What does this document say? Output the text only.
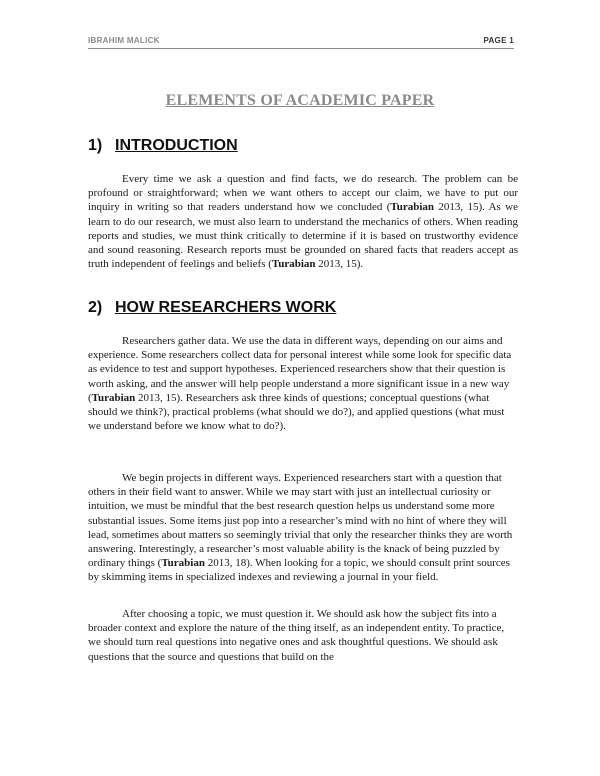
IBRAHIM MALICK	PAGE 1
ELEMENTS OF ACADEMIC PAPER
1) INTRODUCTION

Every time we ask a question and find facts, we do research. The problem can be profound or straightforward; when we want others to accept our claim, we have to put our inquiry in writing so that readers understand how we concluded (Turabian 2013, 15). As we learn to do our research, we must also learn to understand the mechanics of others. When reading reports and studies, we must think critically to determine if it is based on trustworthy evidence and sound reasoning. Research reports must be grounded on shared facts that readers accept as truth independent of feelings and beliefs (Turabian 2013, 15).

2) HOW RESEARCHERS WORK

Researchers gather data. We use the data in different ways, depending on our aims and experience. Some researchers collect data for personal interest while some look for specific data as evidence to test and support hypotheses. Experienced researchers show that their question is worth asking, and the answer will help people understand a more significant issue in a new way (Turabian 2013, 15). Researchers ask three kinds of questions; conceptual questions (what should we think?), practical problems (what should we do?), and applied questions (what must we understand before we know what to do?).

We begin projects in different ways. Experienced researchers start with a question that others in their field want to answer. While we may start with just an intellectual curiosity or intuition, we must be mindful that the best research question helps us understand some more substantial issues. Some items just pop into a researcher’s mind with no hint of where they will lead, sometimes about matters so seemingly trivial that only the researcher thinks they are worth answering. Interestingly, a researcher’s most valuable ability is the knack of being puzzled by ordinary things (Turabian 2013, 18). When looking for a topic, we should consult print sources by skimming items in specialized indexes and reviewing a journal in your field.

After choosing a topic, we must question it. We should ask how the subject fits into a broader context and explore the nature of the thing itself, as an independent entity. To practice, we should turn real questions into negative ones and ask thoughtful questions. We should ask questions that the source and questions that build on the
